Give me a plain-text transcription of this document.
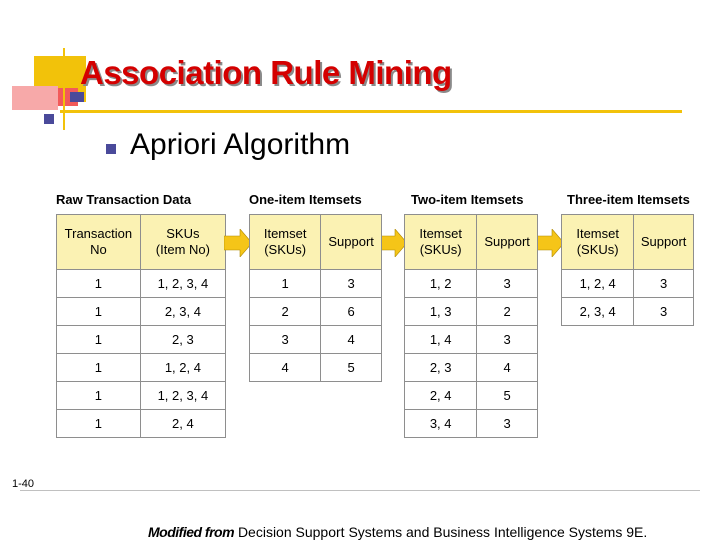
Association Rule Mining
Apriori Algorithm
Raw Transaction Data	One-item Itemsets	Two-item Itemsets	Three-item Itemsets
Transaction
No	SKUs
(Item No)
1	1, 2, 3, 4
1	2, 3, 4
1	2, 3
1	1, 2, 4
1	1, 2, 3, 4
1	2, 4
Itemset
(SKUs)	Support
1	3
2	6
3	4
4	5
Itemset
(SKUs)	Support
1, 2	3
1, 3	2
1, 4	3
2, 3	4
2, 4	5
3, 4	3
Itemset
(SKUs)	Support
1, 2, 4	3
2, 3, 4	3
1-40
Modified from Decision Support Systems and Business Intelligence Systems 9E.
